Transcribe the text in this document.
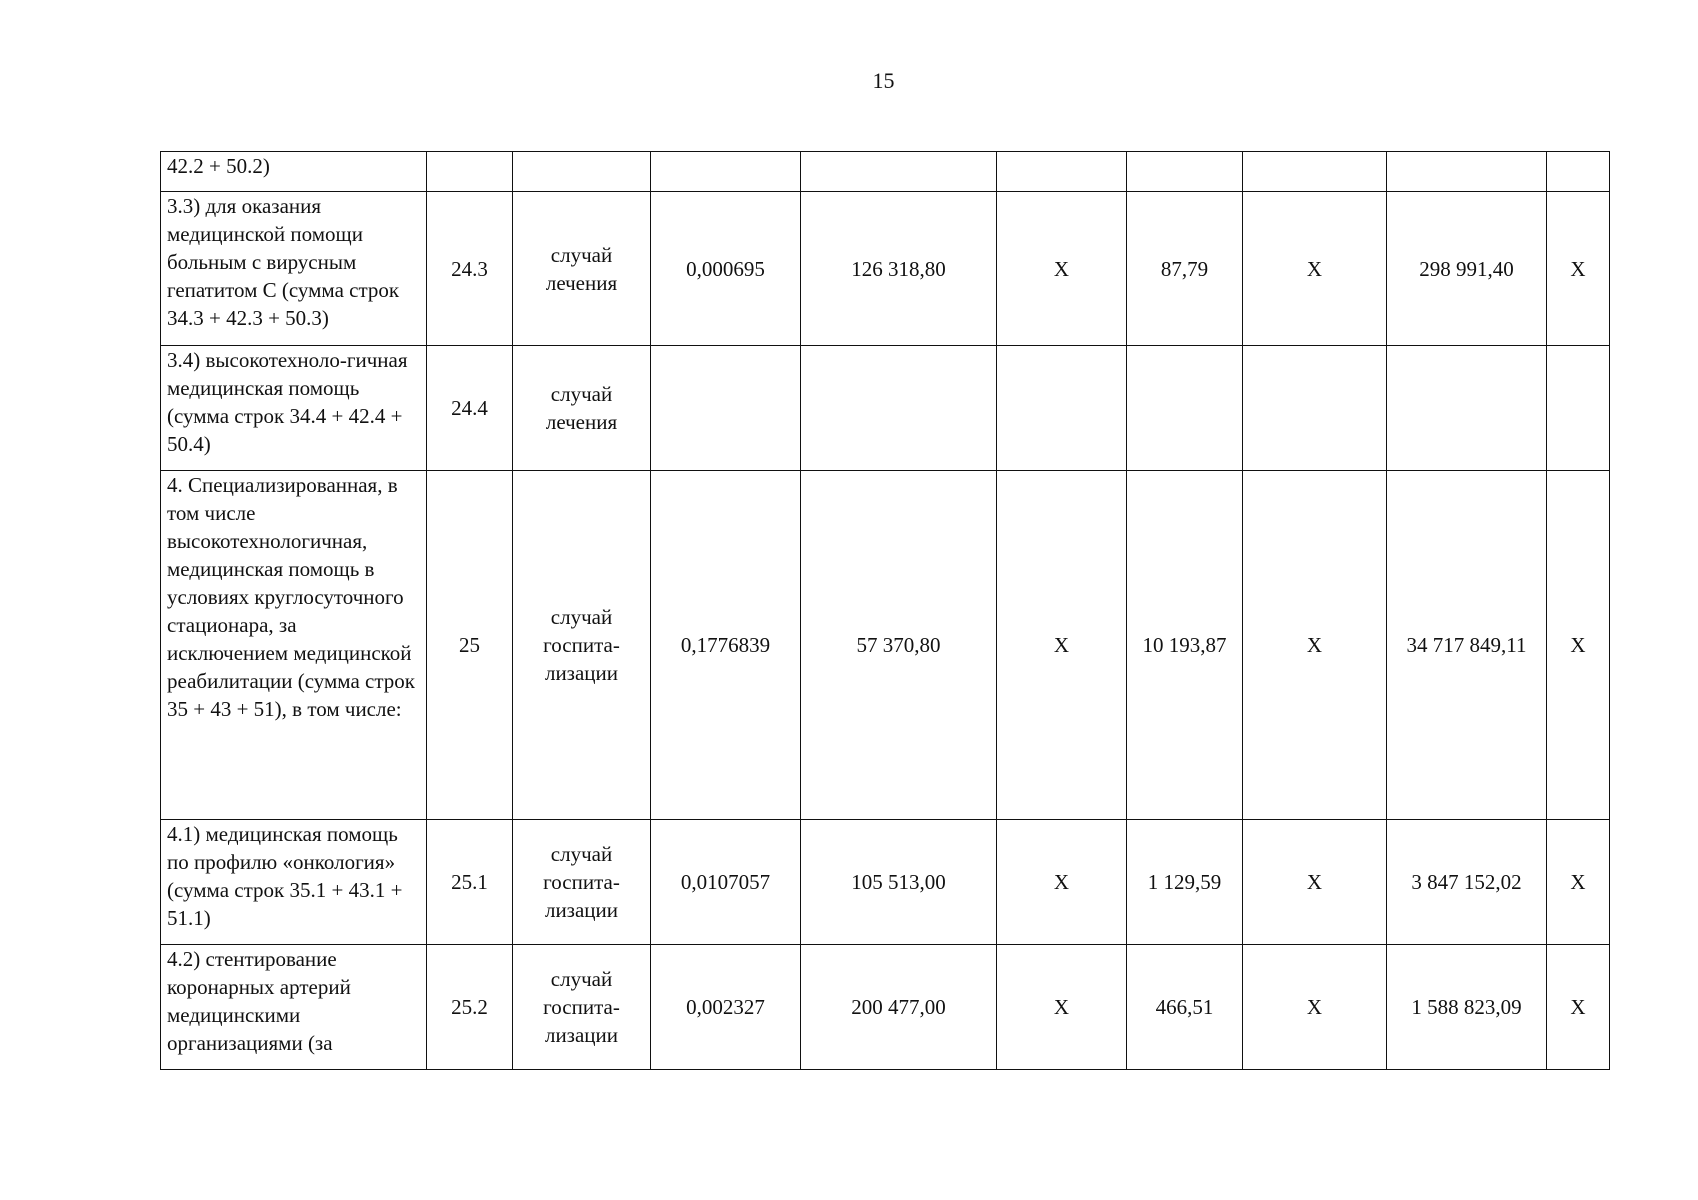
15
42.2 + 50.2)									
3.3) для оказания медицинской помощи больным с вирусным гепатитом С (сумма строк 34.3 + 42.3 + 50.3)	24.3	случай лечения	0,000695	126 318,80	X	87,79	X	298 991,40	X
3.4) высокотехноло-гичная медицинская помощь (сумма строк 34.4 + 42.4 + 50.4)	24.4	случай лечения							
4. Специализированная, в том числе высокотехнологичная, медицинская помощь в условиях круглосуточного стационара, за исключением медицинской реабилитации (сумма строк 35 + 43 + 51), в том числе:	25	случай госпита-лизации	0,1776839	57 370,80	X	10 193,87	X	34 717 849,11	X
4.1) медицинская помощь по профилю «онкология» (сумма строк 35.1 + 43.1 + 51.1)	25.1	случай госпита-лизации	0,0107057	105 513,00	X	1 129,59	X	3 847 152,02	X
4.2) стентирование коронарных артерий медицинскими организациями (за	25.2	случай госпита-лизации	0,002327	200 477,00	X	466,51	X	1 588 823,09	X
